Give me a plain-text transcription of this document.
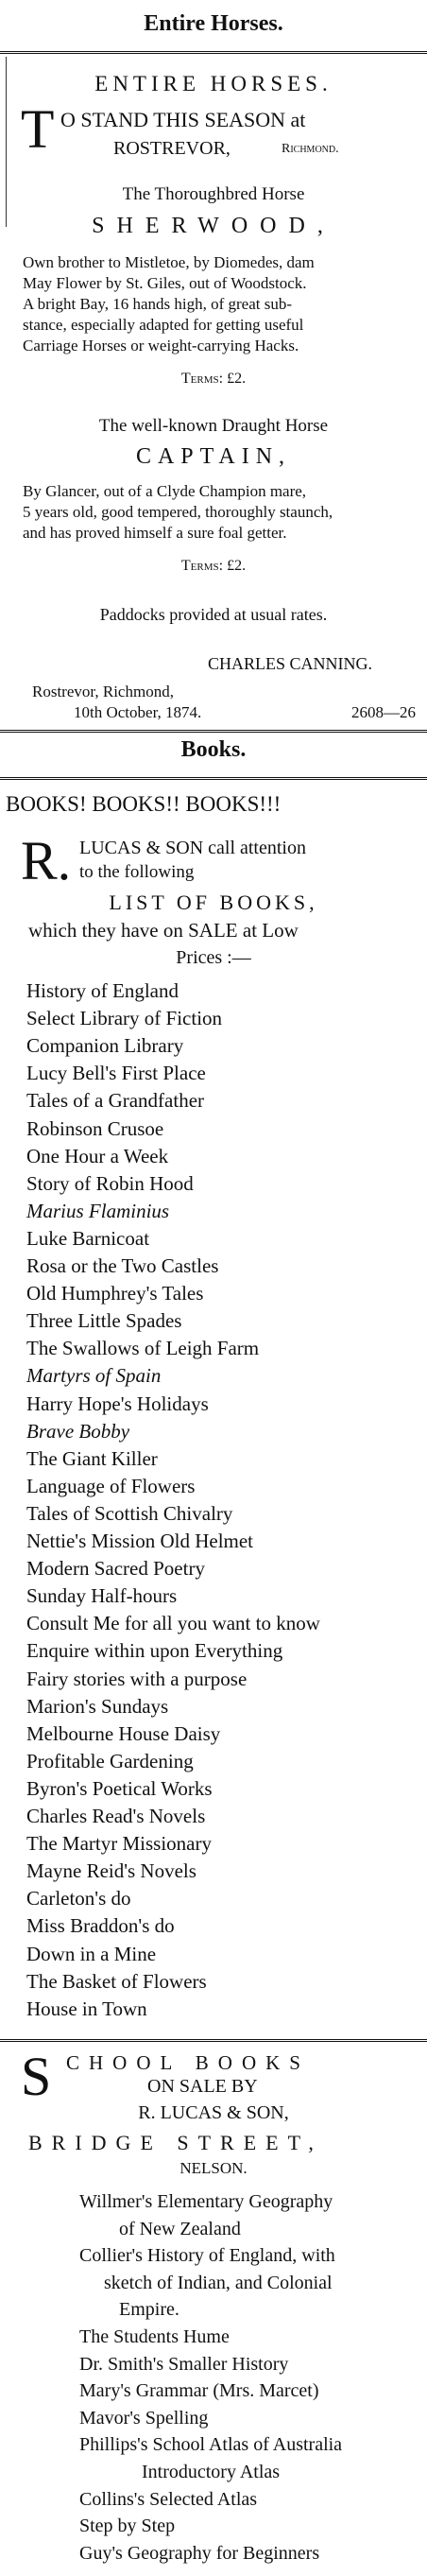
Entire Horses.
ENTIRE HORSES.
T O STAND THIS SEASON at
ROSTREVOR,	Richmond.
The Thoroughbred Horse
SHERWOOD,
Own brother to Mistletoe, by Diomedes, dam
May Flower by St. Giles, out of Woodstock.
A bright Bay, 16 hands high, of great sub-
stance, especially adapted for getting useful
Carriage Horses or weight-carrying Hacks.
Terms: £2.
The well-known Draught Horse
CAPTAIN,
By Glancer, out of a Clyde Champion mare,
5 years old, good tempered, thoroughly staunch,
and has proved himself a sure foal getter.
Terms: £2.
Paddocks provided at usual rates.
CHARLES CANNING.
Rostrevor, Richmond,
10th October, 1874.	2608—26
Books.
BOOKS! BOOKS!! BOOKS!!!
R. LUCAS & SON call attention
to the following
LIST OF BOOKS,
which they have on SALE at Low
Prices :—
History of England
Select Library of Fiction
Companion Library
Lucy Bell's First Place
Tales of a Grandfather
Robinson Crusoe
One Hour a Week
Story of Robin Hood
Marius Flaminius
Luke Barnicoat
Rosa or the Two Castles
Old Humphrey's Tales
Three Little Spades
The Swallows of Leigh Farm
Martyrs of Spain
Harry Hope's Holidays
Brave Bobby
The Giant Killer
Language of Flowers
Tales of Scottish Chivalry
Nettie's Mission Old Helmet
Modern Sacred Poetry
Sunday Half-hours
Consult Me for all you want to know
Enquire within upon Everything
Fairy stories with a purpose
Marion's Sundays
Melbourne House Daisy
Profitable Gardening
Byron's Poetical Works
Charles Read's Novels
The Martyr Missionary
Mayne Reid's Novels
Carleton's do
Miss Braddon's do
Down in a Mine
The Basket of Flowers
House in Town
S CHOOL BOOKS
ON SALE BY
R. LUCAS & SON,
BRIDGE STREET,
NELSON.
Willmer's Elementary Geography
of New Zealand
Collier's History of England, with
sketch of Indian, and Colonial
Empire.
The Students Hume
Dr. Smith's Smaller History
Mary's Grammar (Mrs. Marcet)
Mavor's Spelling
Phillips's School Atlas of Australia
Introductory Atlas
Collins's Selected Atlas
Step by Step
Guy's Geography for Beginners
